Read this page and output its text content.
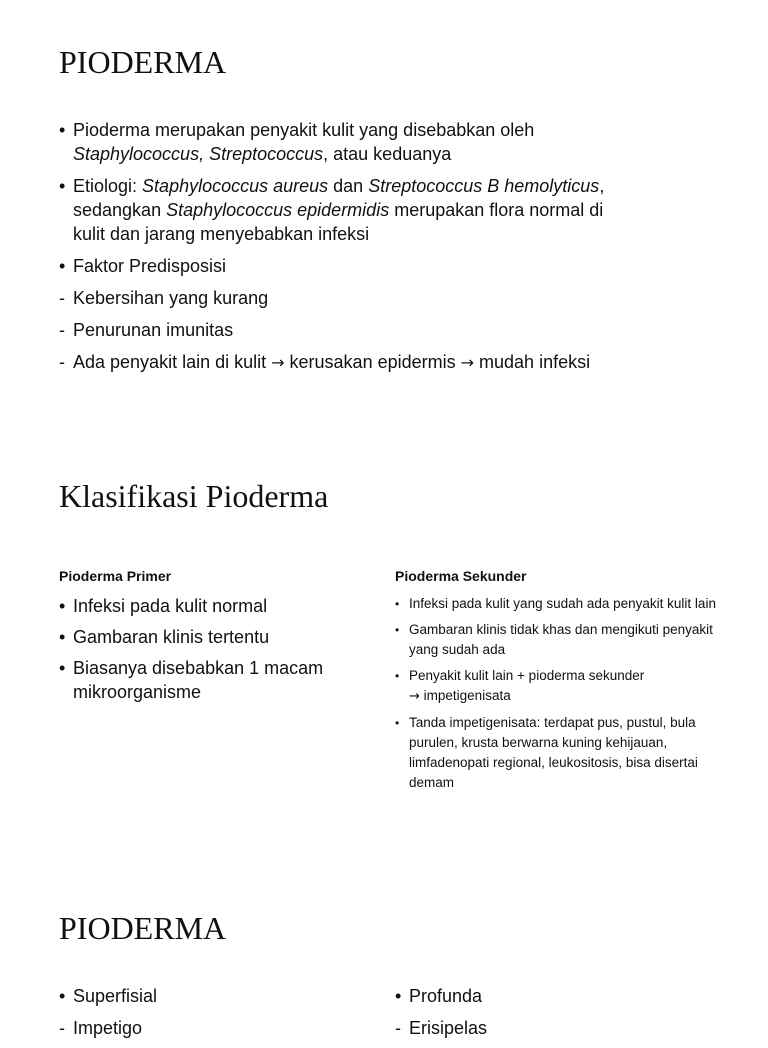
PIODERMA
• Pioderma merupakan penyakit kulit yang disebabkan oleh
Staphylococcus, Streptococcus, atau keduanya
• Etiologi: Staphylococcus aureus dan Streptococcus B hemolyticus,
sedangkan Staphylococcus epidermidis merupakan flora normal di
kulit dan jarang menyebabkan infeksi
• Faktor Predisposisi
- Kebersihan yang kurang
- Penurunan imunitas
- Ada penyakit lain di kulit → kerusakan epidermis → mudah infeksi
Klasifikasi Pioderma
Pioderma Primer
• Infeksi pada kulit normal
• Gambaran klinis tertentu
• Biasanya disebabkan 1 macam mikroorganisme
Pioderma Sekunder
• Infeksi pada kulit yang sudah ada penyakit kulit lain
• Gambaran klinis tidak khas dan mengikuti penyakit yang sudah ada
• Penyakit kulit lain + pioderma sekunder
→ impetigenisata
• Tanda impetigenisata: terdapat pus, pustul, bula purulen, krusta berwarna kuning kehijauan, limfadenopati regional, leukositosis, bisa disertai demam
PIODERMA
• Superfisial
- Impetigo
• Profunda
- Erisipelas
